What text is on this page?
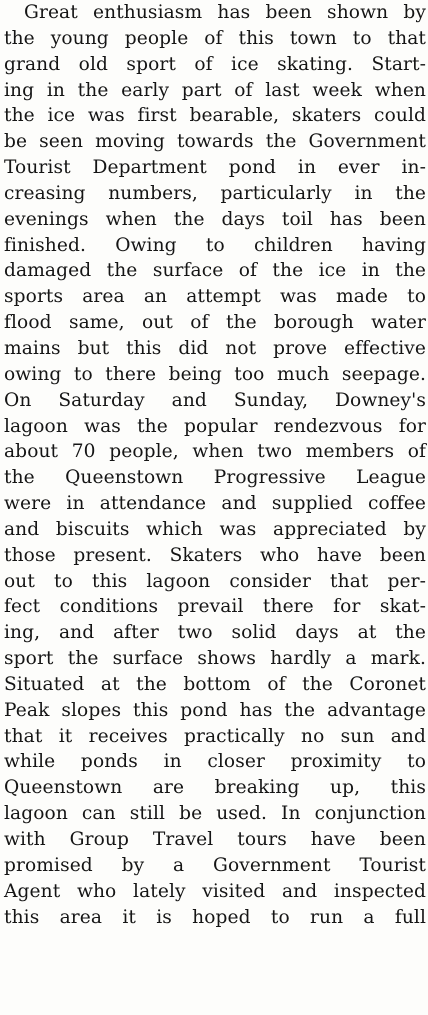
Great enthusiasm has been shown by
the young people of this town to that
grand old sport of ice skating. Start-
ing in the early part of last week when
the ice was first bearable, skaters could
be seen moving towards the Government
Tourist Department pond in ever in-
creasing numbers, particularly in the
evenings when the days toil has been
finished. Owing to children having
damaged the surface of the ice in the
sports area an attempt was made to
flood same, out of the borough water
mains but this did not prove effective
owing to there being too much seepage.
On Saturday and Sunday, Downey's
lagoon was the popular rendezvous for
about 70 people, when two members of
the Queenstown Progressive League
were in attendance and supplied coffee
and biscuits which was appreciated by
those present. Skaters who have been
out to this lagoon consider that per-
fect conditions prevail there for skat-
ing, and after two solid days at the
sport the surface shows hardly a mark.
Situated at the bottom of the Coronet
Peak slopes this pond has the advantage
that it receives practically no sun and
while ponds in closer proximity to
Queenstown are breaking up, this
lagoon can still be used. In conjunction
with Group Travel tours have been
promised by a Government Tourist
Agent who lately visited and inspected
this area it is hoped to run a full
